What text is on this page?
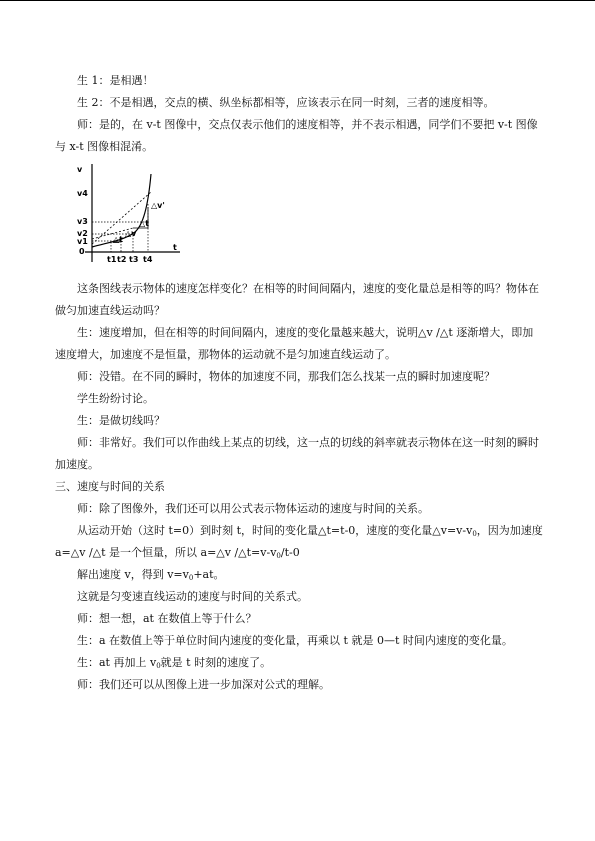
生 1：是相遇！

生 2：不是相遇，交点的横、纵坐标都相等，应该表示在同一时刻，三者的速度相等。

师：是的，在 v-t 图像中，交点仅表示他们的速度相等，并不表示相遇，同学们不要把 v-t 图像与 x-t 图像相混淆。

v
v4
v3
v2
v1
0
△v'
△t
△v
△t
t1 t2 t3 t4
t

这条图线表示物体的速度怎样变化？在相等的时间间隔内，速度的变化量总是相等的吗？物体在做匀加速直线运动吗？

生：速度增加，但在相等的时间间隔内，速度的变化量越来越大，说明△v /△t 逐渐增大，即加速度增大，加速度不是恒量，那物体的运动就不是匀加速直线运动了。

师：没错。在不同的瞬时，物体的加速度不同，那我们怎么找某一点的瞬时加速度呢？

学生纷纷讨论。

生：是做切线吗？

师：非常好。我们可以作曲线上某点的切线，这一点的切线的斜率就表示物体在这一时刻的瞬时加速度。

三、速度与时间的关系

师：除了图像外，我们还可以用公式表示物体运动的速度与时间的关系。

从运动开始（这时 t=0）到时刻 t，时间的变化量△t=t-0，速度的变化量$\triangle v=v-v_0$，因为加速度 a=△v /△t 是一个恒量，所以 a=△v $/\triangle t=v-v_0/t-0$

解出速度 v，得到 $v=v_0+at$。

这就是匀变速直线运动的速度与时间的关系式。

师：想一想，at 在数值上等于什么？

生：a 在数值上等于单位时间内速度的变化量，再乘以 t 就是 0—t 时间内速度的变化量。

生：at 再加上 $v_0$就是 t 时刻的速度了。

师：我们还可以从图像上进一步加深对公式的理解。
